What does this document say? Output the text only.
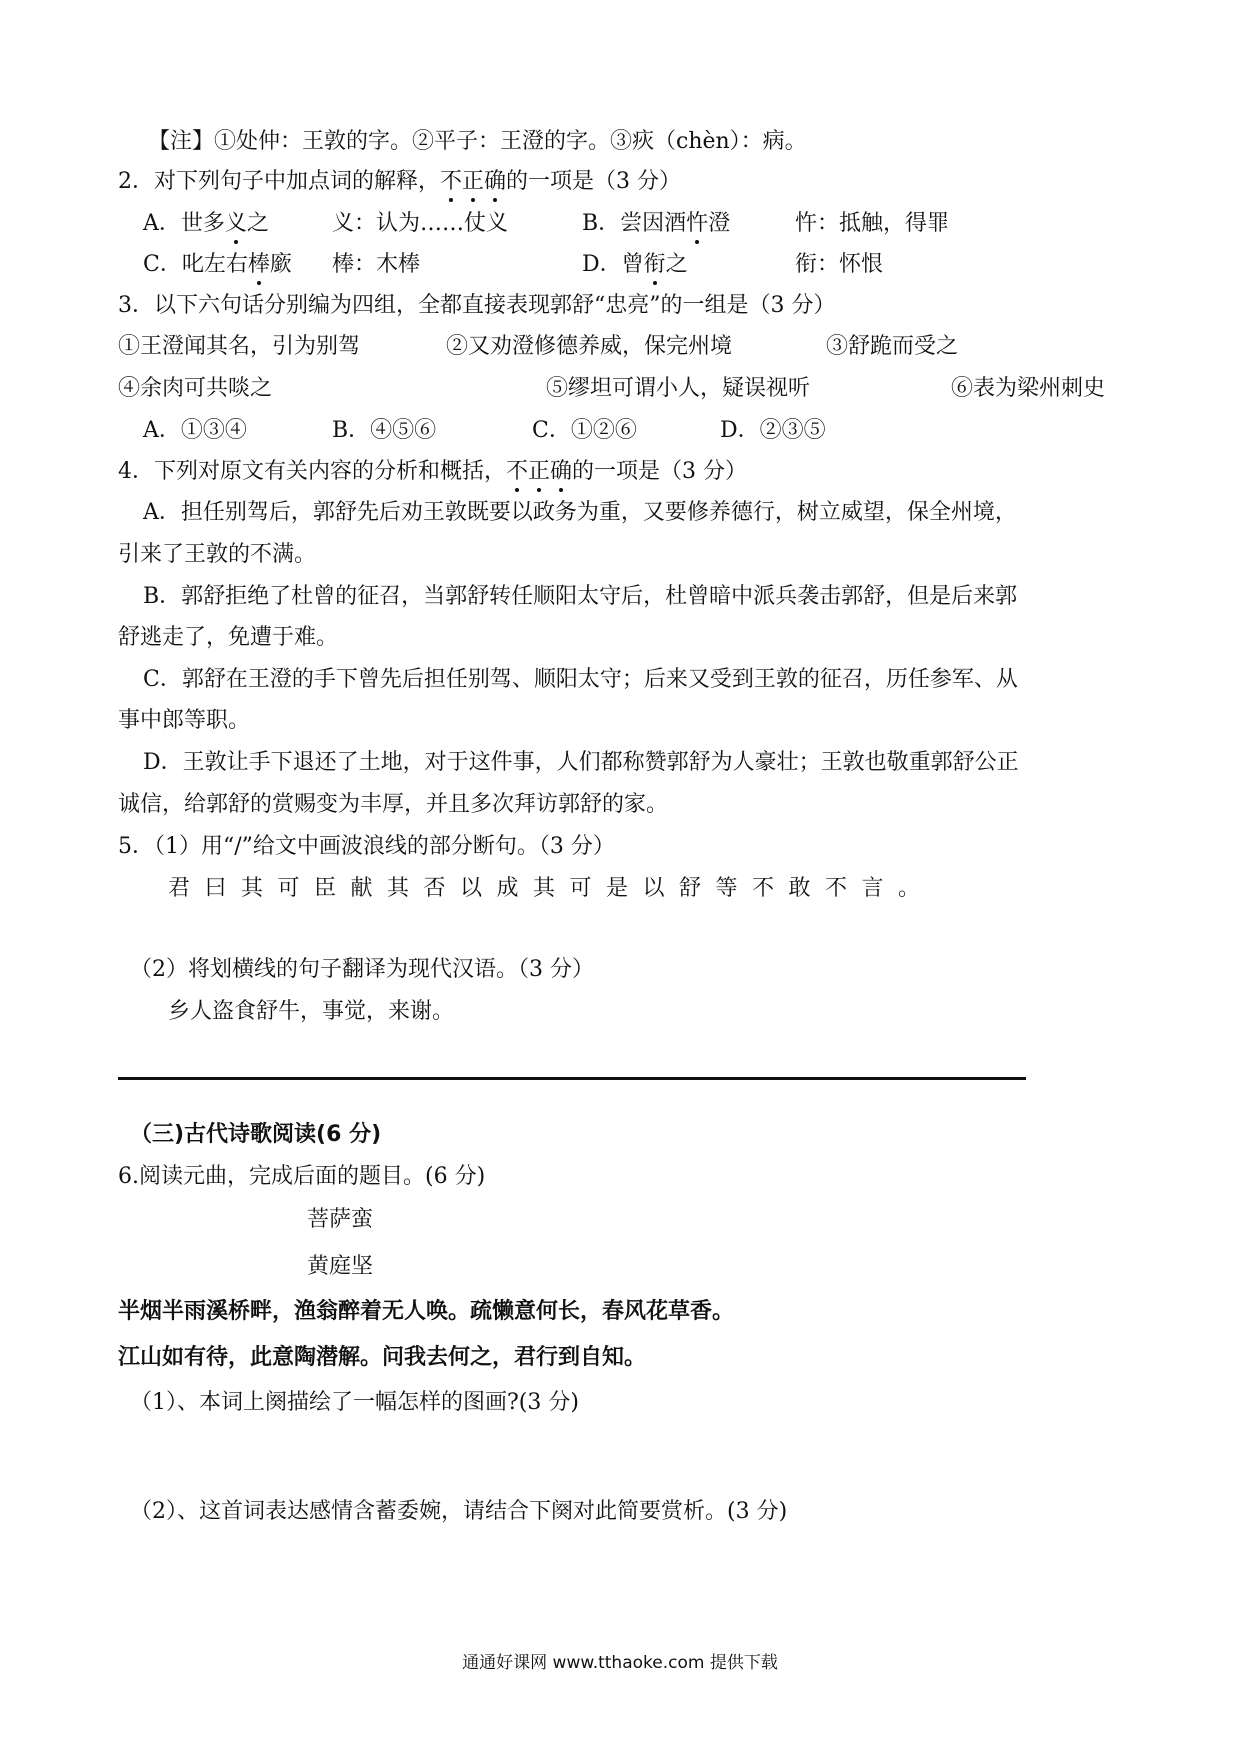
【注】①处仲：王敦的字。②平子：王澄的字。③疢（chèn）：病。
2．对下列句子中加点词的解释，不正确的一项是（3 分）
A．世多义之	义：认为……仗义	B．尝因酒忤澄	忤：抵触，得罪
C．叱左右棒廞 棒：木棒	D．曾衔之	衔：怀恨
3．以下六句话分别编为四组，全都直接表现郭舒“忠亮”的一组是（3 分）
①王澄闻其名，引为别驾	②又劝澄修德养威，保完州境	③舒跪而受之
④余肉可共啖之	⑤缪坦可谓小人，疑误视听	⑥表为梁州刺史
A．①③④	B．④⑤⑥	C．①②⑥	D．②③⑤
4．下列对原文有关内容的分析和概括，不正确的一项是（3 分）
A．担任别驾后，郭舒先后劝王敦既要以政务为重，又要修养德行，树立威望，保全州境，
引来了王敦的不满。
B．郭舒拒绝了杜曾的征召，当郭舒转任顺阳太守后，杜曾暗中派兵袭击郭舒，但是后来郭
舒逃走了，免遭于难。
C．郭舒在王澄的手下曾先后担任别驾、顺阳太守；后来又受到王敦的征召，历任参军、从
事中郎等职。
D．王敦让手下退还了土地，对于这件事，人们都称赞郭舒为人豪壮；王敦也敬重郭舒公正
诚信，给郭舒的赏赐变为丰厚，并且多次拜访郭舒的家。
5．（1）用“/”给文中画波浪线的部分断句。（3 分）
君曰其可臣献其否以成其可是以舒等不敢不言。
（2）将划横线的句子翻译为现代汉语。（3 分）
乡人盗食舒牛，事觉，来谢。
（三)古代诗歌阅读(6 分)
6.阅读元曲，完成后面的题目。(6 分)
菩萨蛮
黄庭坚
半烟半雨溪桥畔，渔翁醉着无人唤。疏懒意何长，春风花草香。
江山如有待，此意陶潜解。问我去何之，君行到自知。
（1）、本词上阕描绘了一幅怎样的图画?(3 分)
（2）、这首词表达感情含蓄委婉，请结合下阕对此简要赏析。(3 分)
通通好课网 www.tthaoke.com 提供下载
